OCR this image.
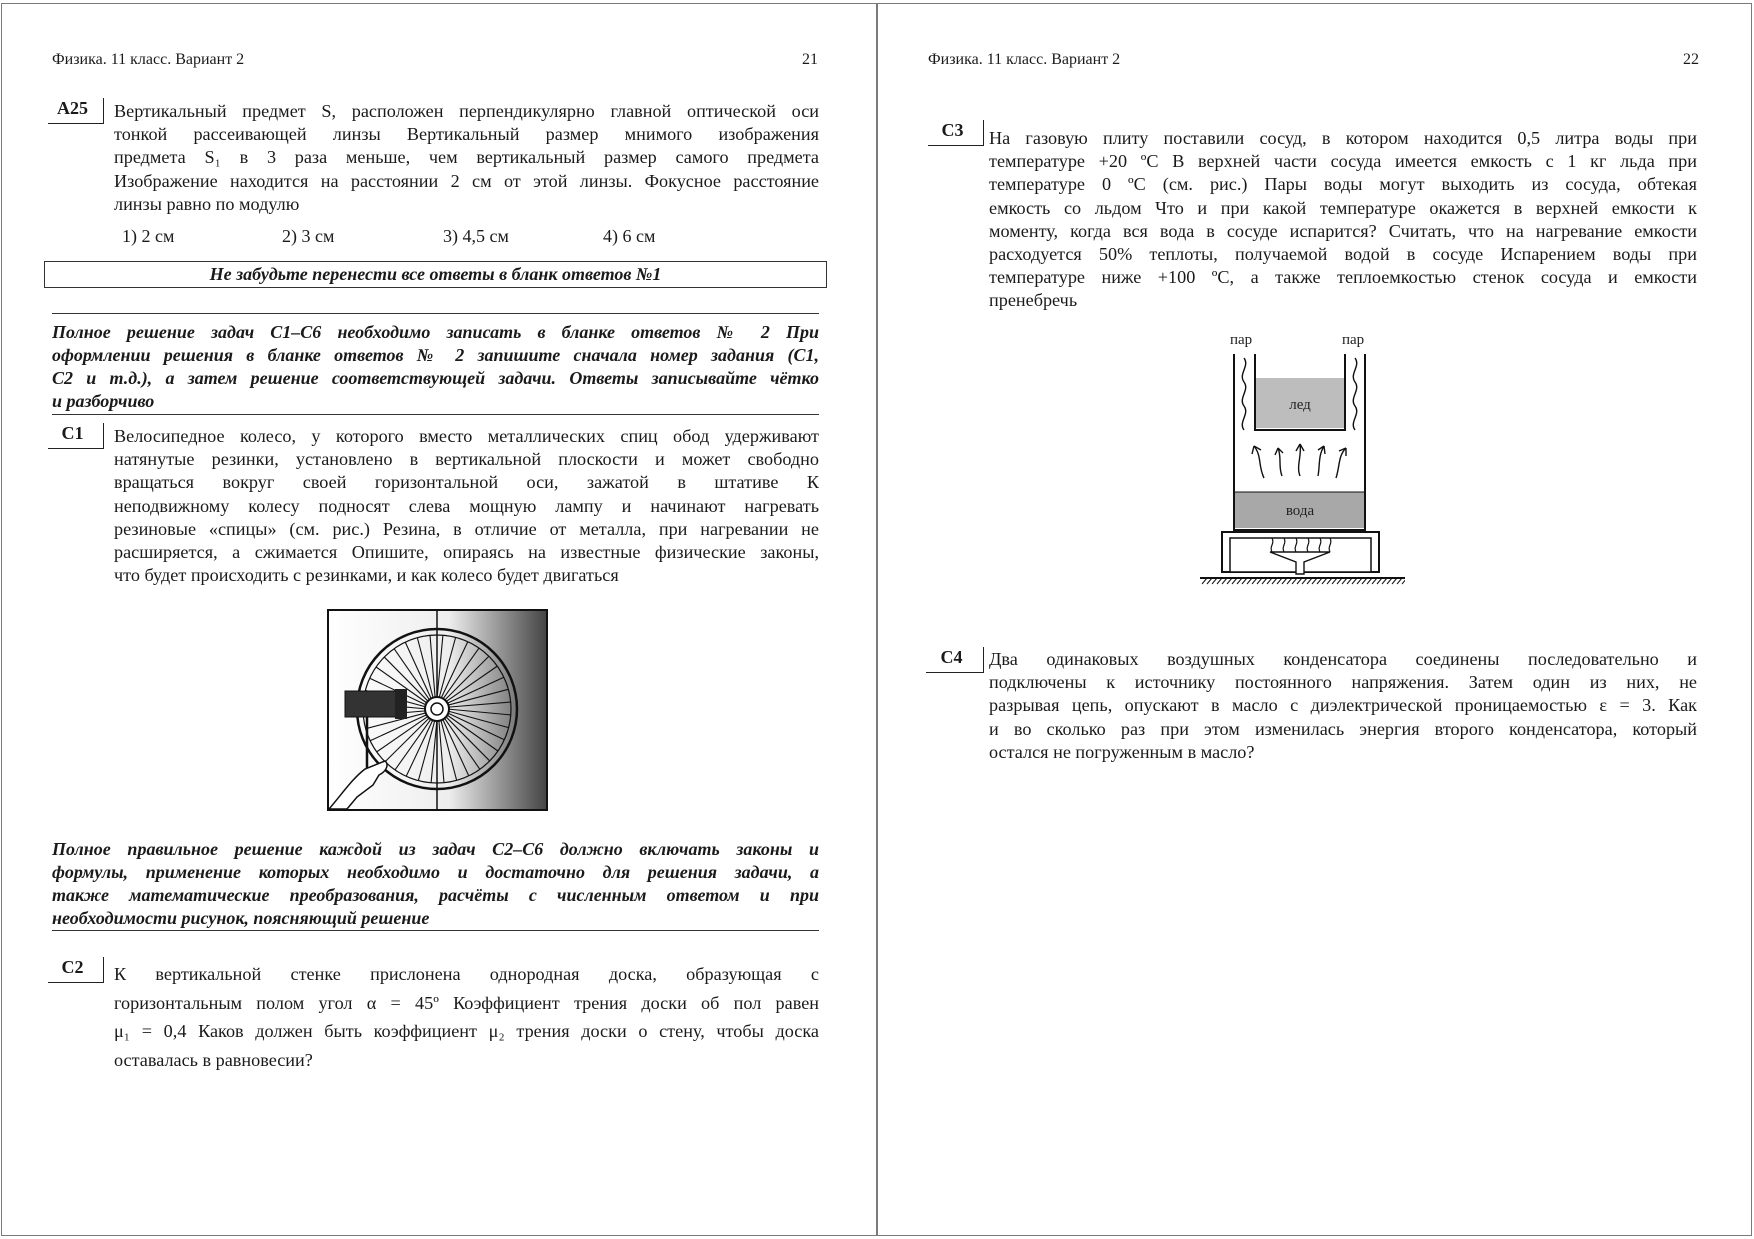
Физика. 11 класс. Вариант 2	21
A25	Вертикальный предмет S, расположен перпендикулярно главной оптической оси
тонкой рассеивающей линзы Вертикальный размер мнимого изображения
предмета S₁ в 3 раза меньше, чем вертикальный размер самого предмета
Изображение находится на расстоянии 2 см от этой линзы. Фокусное расстояние
линзы равно по модулю
1) 2 см	2) 3 см	3) 4,5 см	4) 6 см
Не забудьте перенести все ответы в бланк ответов №1
Полное решение задач С1–С6 необходимо записать в бланке ответов № 2 При
оформлении решения в бланке ответов № 2 запишите сначала номер задания (С1,
С2 и т.д.), а затем решение соответствующей задачи. Ответы записывайте чётко
и разборчиво
C1	Велосипедное колесо, у которого вместо металлических спиц обод удерживают
натянутые резинки, установлено в вертикальной плоскости и может свободно
вращаться вокруг своей горизонтальной оси, зажатой в штативе К
неподвижному колесу подносят слева мощную лампу и начинают нагревать
резиновые «спицы» (см. рис.) Резина, в отличие от металла, при нагревании не
расширяется, а сжимается Опишите, опираясь на известные физические законы,
что будет происходить с резинками, и как колесо будет двигаться
Полное правильное решение каждой из задач С2–С6 должно включать законы и
формулы, применение которых необходимо и достаточно для решения задачи, а
также математические преобразования, расчёты с численным ответом и при
необходимости рисунок, поясняющий решение
C2	К вертикальной стенке прислонена однородная доска, образующая с
горизонтальным полом угол α = 45º Коэффициент трения доски об пол равен
μ₁ = 0,4 Каков должен быть коэффициент μ₂ трения доски о стену, чтобы доска
оставалась в равновесии?
Физика. 11 класс. Вариант 2	22
C3	На газовую плиту поставили сосуд, в котором находится 0,5 литра воды при
температуре +20 ºC В верхней части сосуда имеется емкость с 1 кг льда при
температуре 0 ºC (см. рис.) Пары воды могут выходить из сосуда, обтекая
емкость со льдом Что и при какой температуре окажется в верхней емкости к
моменту, когда вся вода в сосуде испарится? Считать, что на нагревание емкости
расходуется 50% теплоты, получаемой водой в сосуде Испарением воды при
температуре ниже +100 ºC, а также теплоемкостью стенок сосуда и емкости
пренебречь
пар	пар
лед
вода
C4	Два одинаковых воздушных конденсатора соединены последовательно и
подключены к источнику постоянного напряжения. Затем один из них, не
разрывая цепь, опускают в масло с диэлектрической проницаемостью ε = 3. Как
и во сколько раз при этом изменилась энергия второго конденсатора, который
остался не погруженным в масло?
